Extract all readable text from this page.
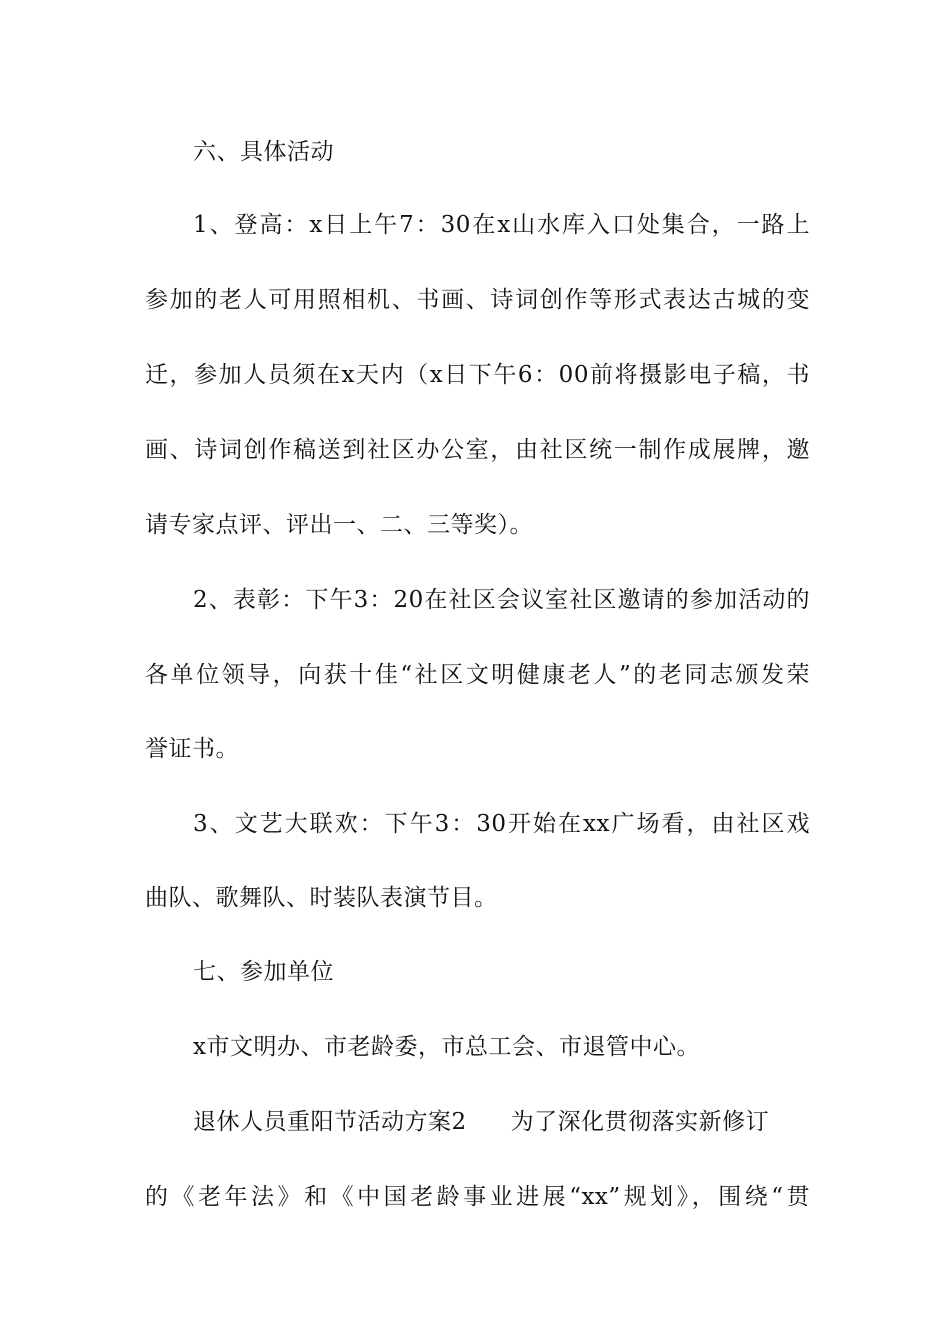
六、具体活动
1、登高：x日上午7：30在x山水库入口处集合，一路上
参加的老人可用照相机、书画、诗词创作等形式表达古城的变
迁，参加人员须在x天内（x日下午6：00前将摄影电子稿，书
画、诗词创作稿送到社区办公室，由社区统一制作成展牌，邀
请专家点评、评出一、二、三等奖）。
2、表彰：下午3：20在社区会议室社区邀请的参加活动的
各单位领导，向获十佳“社区文明健康老人”的老同志颁发荣
誉证书。
3、文艺大联欢：下午3：30开始在xx广场看，由社区戏
曲队、歌舞队、时装队表演节目。
七、参加单位
x市文明办、市老龄委，市总工会、市退管中心。
退休人员重阳节活动方案2 为了深化贯彻落实新修订
的《老年法》和《中国老龄事业进展“xx”规划》，围绕“贯
